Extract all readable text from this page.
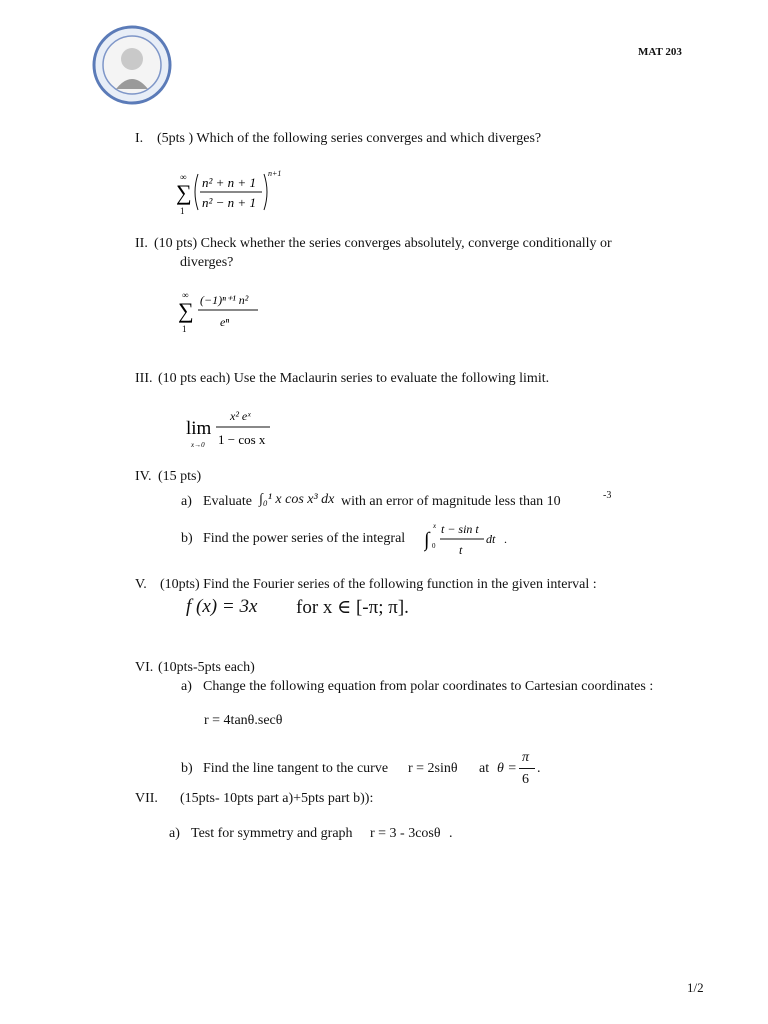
MAT 203
I. (5pts ) Which of the following series converges and which diverges?
∞
∑
1
n² + n + 1
n² − n + 1
n+1
II. (10 pts) Check whether the series converges absolutely, converge conditionally or
diverges?
∞
∑
1
(−1)ⁿ⁺¹ n²
eⁿ
III. (10 pts each) Use the Maclaurin series to evaluate the following limit.
lim
x→0
x² eˣ
1 − cos x
IV. (15 pts)
a) Evaluate ∫₀¹ x cos x³ dx with an error of magnitude less than 10	-3
b) Find the power series of the integral ∫
x
0
t − sin t
t
dt .
V. (10pts) Find the Fourier series of the following function in the given interval :
f (x) = 3x for x ∈ [-π; π].
VI. (10pts-5pts each)
a) Change the following equation from polar coordinates to Cartesian coordinates :
r = 4tanθ.secθ
b) Find the line tangent to the curve r = 2sinθ at θ =
π
6
.
VII. (15pts- 10pts part a)+5pts part b)):
a) Test for symmetry and graph r = 3 - 3cosθ .
1/2
